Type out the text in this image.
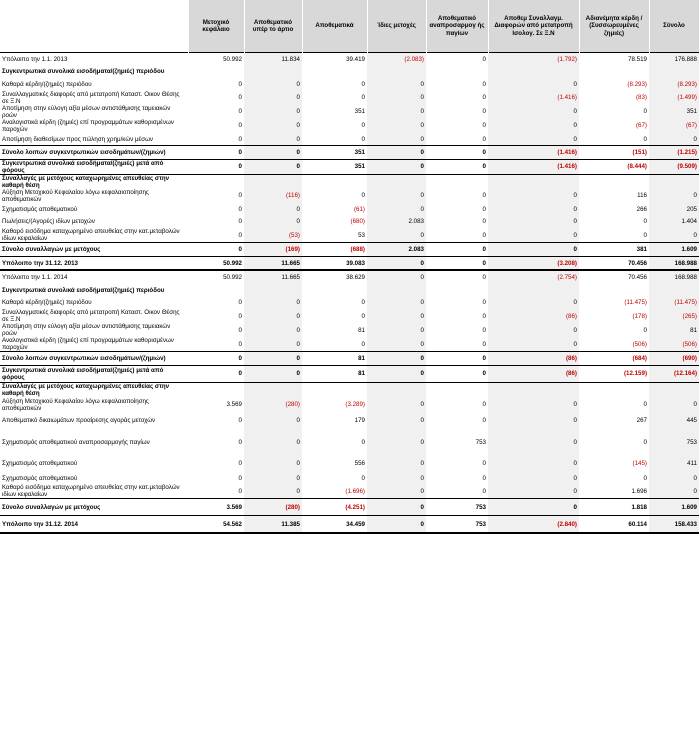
	Μετοχικό κεφάλαιο	Αποθεματικό υπέρ το άρτιο	Αποθεματικά	Ίδιες μετοχές	Αποθεματικό αναπροσαρμογ ής παγίων	Αποθεμ Συναλλαγμ. Διαφορών από μετατροπή Ισολογ. Σε Ξ.Ν	Αδιανέμητα κέρδη / (Συσσωρευμένες ζημιές)	Σύνολο
Υπόλοιπο την 1.1. 2013	50.992	11.834	39.419	(2.083)	0	(1.792)	78.519	176.888
Συγκεντρωτικά συνολικά εισοδήματα/(ζημιές) περιόδου								
Καθαρά κέρδη/(ζημιές) περιόδου	0	0	0	0	0	0	(8.293)	(8.293)
Συναλλαγματικές διαφορές από μετατροπή Καταστ. Οικον Θέσης σε Ξ.Ν	0	0	0	0	0	(1.416)	(83)	(1.499)
Αποτίμηση στην εύλογη αξία μέσων αντιστάθμισης ταμειακών ροών	0	0	351	0	0	0	0	351
Αναλογιστικά κέρδη (ζημιές) επί προγραμμάτων καθορισμένων παροχών	0	0	0	0	0	0	(67)	(67)
Αποτίμηση διαθεσίμων προς πώληση χρημ/κών μέσων	0	0	0	0	0	0	0	0
Σύνολο λοιπών συγκεντρωτικών εισοδημάτων/(ζημιών)	0	0	351	0	0	(1.416)	(151)	(1.215)
Συγκεντρωτικά συνολικά εισοδήματα/(ζημιές) μετά από φόρους	0	0	351	0	0	(1.416)	(8.444)	(9.509)
Συναλλαγές με μετόχους καταχωρημένες απευθείας στην καθαρή θέση								
Αύξηση Μετοχικού Κεφαλαίου λόγω κεφαλαιοποίησης αποθεματικών	0	(116)	0	0	0	0	116	0
Σχηματισμός αποθεματικού	0	0	(61)	0	0	0	266	205
Πωλήσεις/(Αγορές) ιδίων μετοχών	0	0	(680)	2.083	0	0	0	1.404
Καθαρό εισόδημα καταχωρημένο απευθείας στην κατ.μεταβολών ιδίων κεφαλαίων	0	(53)	53	0	0	0	0	0
Σύνολο συναλλαγών με μετόχους	0	(169)	(688)	2.083	0	0	381	1.609
Υπόλοιπο την 31.12. 2013	50.992	11.665	39.083	0	0	(3.208)	70.456	168.988
Υπόλοιπο την 1.1. 2014	50.992	11.665	38.629	0	0	(2.754)	70.456	168.988
Συγκεντρωτικά συνολικά εισοδήματα/(ζημιές) περιόδου								
Καθαρά κέρδη/(ζημιές) περιόδου	0	0	0	0	0	0	(11.475)	(11.475)
Συναλλαγματικές διαφορές από μετατροπή Καταστ. Οικον Θέσης σε Ξ.Ν	0	0	0	0	0	(86)	(178)	(265)
Αποτίμηση στην εύλογη αξία μέσων αντιστάθμισης ταμειακών ροών	0	0	81	0	0	0	0	81
Αναλογιστικά κέρδη (ζημιές) επί προγραμμάτων καθορισμένων παροχών	0	0	0	0	0	0	(506)	(506)
Σύνολο λοιπών συγκεντρωτικών εισοδημάτων/(ζημιών)	0	0	81	0	0	(86)	(684)	(690)
Συγκεντρωτικά συνολικά εισοδήματα/(ζημιές) μετά από φόρους	0	0	81	0	0	(86)	(12.159)	(12.164)
Συναλλαγές με μετόχους καταχωρημένες απευθείας στην καθαρή θέση								
Αύξηση Μετοχικού Κεφαλαίου λόγω κεφαλαιοποίησης αποθεματικών	3.569	(280)	(3.289)	0	0	0	0	0
Αποθεματικό δικαιωμάτων προαίρεσης αγοράς μετοχών	0	0	179	0	0	0	267	445
Σχηματισμός αποθεματικού αναπροσαρμογής παγίων	0	0	0	0	753	0	0	753
Σχηματισμός αποθεματικού	0	0	556	0	0	0	(145)	411
Σχηματισμός αποθεματικού	0	0	0	0	0	0	0	0
Καθαρό εισόδημα καταχωρημένο απευθείας στην κατ.μεταβολών ιδίων κεφαλαίων	0	0	(1.696)	0	0	0	1.696	0
Σύνολο συναλλαγών με μετόχους	3.569	(280)	(4.251)	0	753	0	1.818	1.609
Υπόλοιπο την 31.12. 2014	54.562	11.385	34.459	0	753	(2.840)	60.114	158.433
